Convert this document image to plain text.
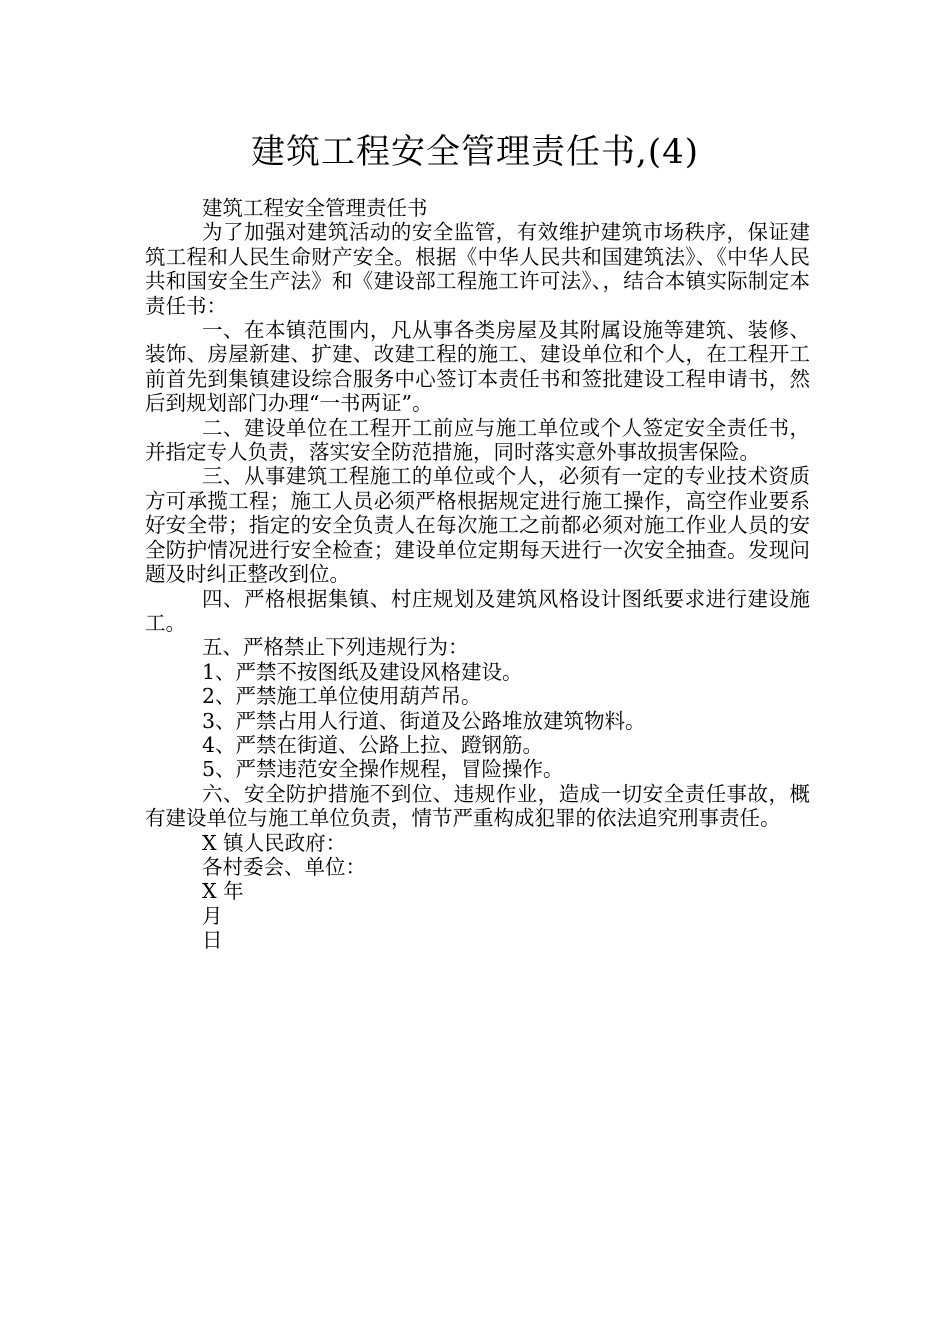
建筑工程安全管理责任书,(4)

建筑工程安全管理责任书

为了加强对建筑活动的安全监管，有效维护建筑市场秩序，保证建筑工程和人民生命财产安全。根据《中华人民共和国建筑法》、《中华人民共和国安全生产法》和《建设部工程施工许可法》、，结合本镇实际制定本责任书：

一、在本镇范围内，凡从事各类房屋及其附属设施等建筑、装修、装饰、房屋新建、扩建、改建工程的施工、建设单位和个人，在工程开工前首先到集镇建设综合服务中心签订本责任书和签批建设工程申请书，然后到规划部门办理“一书两证”。

二、建设单位在工程开工前应与施工单位或个人签定安全责任书，并指定专人负责，落实安全防范措施，同时落实意外事故损害保险。

三、从事建筑工程施工的单位或个人，必须有一定的专业技术资质方可承揽工程；施工人员必须严格根据规定进行施工操作，高空作业要系好安全带；指定的安全负责人在每次施工之前都必须对施工作业人员的安全防护情况进行安全检查；建设单位定期每天进行一次安全抽查。发现问题及时纠正整改到位。

四、严格根据集镇、村庄规划及建筑风格设计图纸要求进行建设施工。

五、严格禁止下列违规行为：

1、严禁不按图纸及建设风格建设。

2、严禁施工单位使用葫芦吊。

3、严禁占用人行道、街道及公路堆放建筑物料。

4、严禁在街道、公路上拉、蹬钢筋。

5、严禁违范安全操作规程，冒险操作。

六、安全防护措施不到位、违规作业，造成一切安全责任事故，概有建设单位与施工单位负责，情节严重构成犯罪的依法追究刑事责任。

X 镇人民政府：

各村委会、单位：

X 年

月

日
